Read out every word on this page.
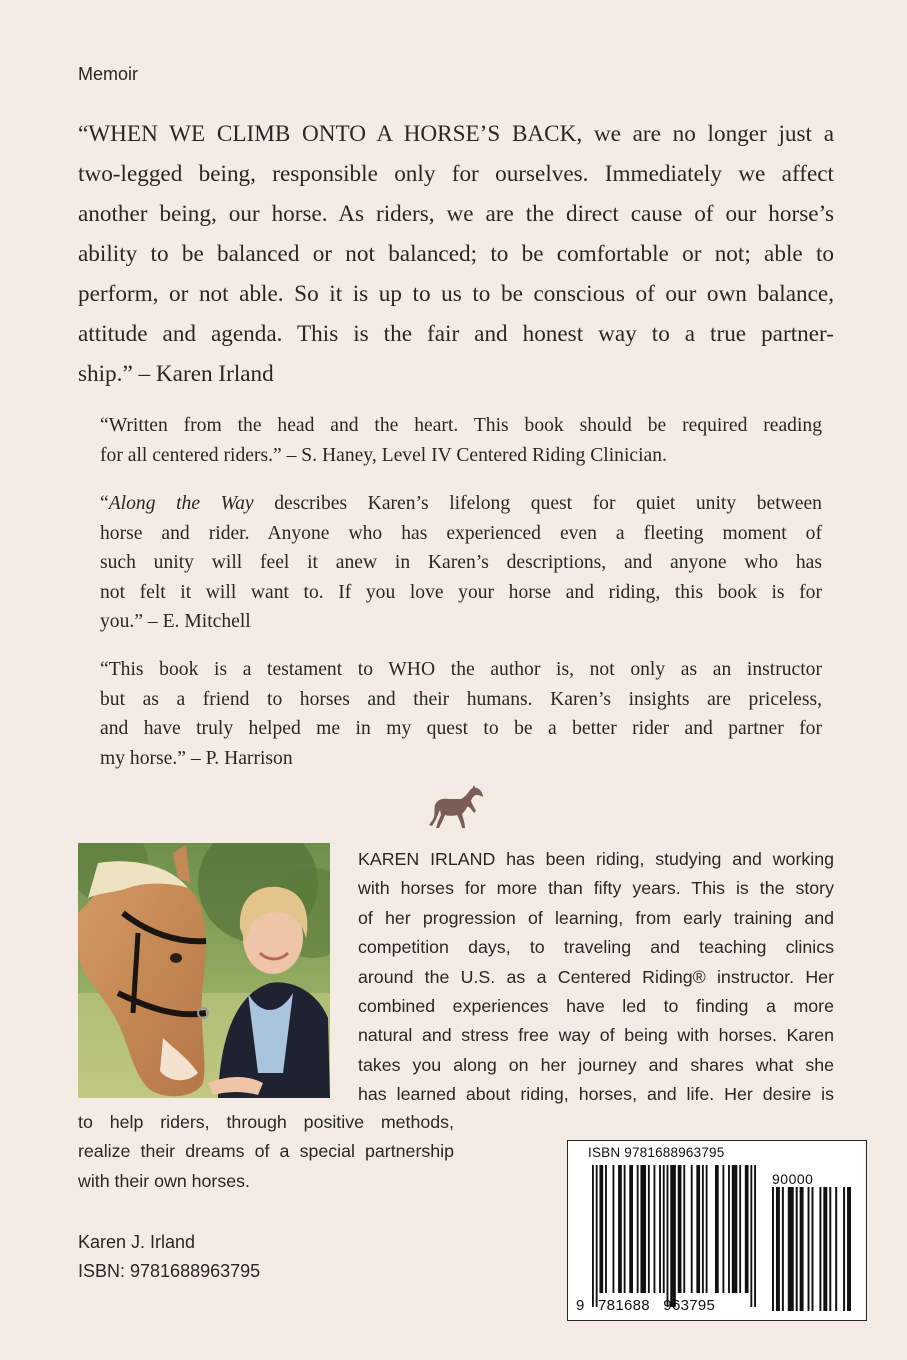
Memoir
“WHEN WE CLIMB ONTO A HORSE’S BACK, we are no longer just a
two-legged being, responsible only for ourselves. Immediately we affect
another being, our horse. As riders, we are the direct cause of our horse’s
ability to be balanced or not balanced; to be comfortable or not; able to
perform, or not able. So it is up to us to be conscious of our own balance,
attitude and agenda. This is the fair and honest way to a true partner-
ship.” – Karen Irland
“Written from the head and the heart. This book should be required reading
for all centered riders.” – S. Haney, Level IV Centered Riding Clinician.
“Along the Way describes Karen’s lifelong quest for quiet unity between
horse and rider. Anyone who has experienced even a fleeting moment of
such unity will feel it anew in Karen’s descriptions, and anyone who has
not felt it will want to. If you love your horse and riding, this book is for
you.” – E. Mitchell
“This book is a testament to WHO the author is, not only as an instructor
but as a friend to horses and their humans. Karen’s insights are priceless,
and have truly helped me in my quest to be a better rider and partner for
my horse.” – P. Harrison
KAREN IRLAND has been riding, studying and working
with horses for more than fifty years. This is the story
of her progression of learning, from early training and
competition days, to traveling and teaching clinics
around the U.S. as a Centered Riding® instructor. Her
combined experiences have led to finding a more
natural and stress free way of being with horses. Karen
takes you along on her journey and shares what she
has learned about riding, horses, and life. Her desire is
to help riders, through positive methods,
realize their dreams of a special partnership
with their own horses.
Karen J. Irland
ISBN: 9781688963795
ISBN 9781688963795
90000
9   781688   963795
